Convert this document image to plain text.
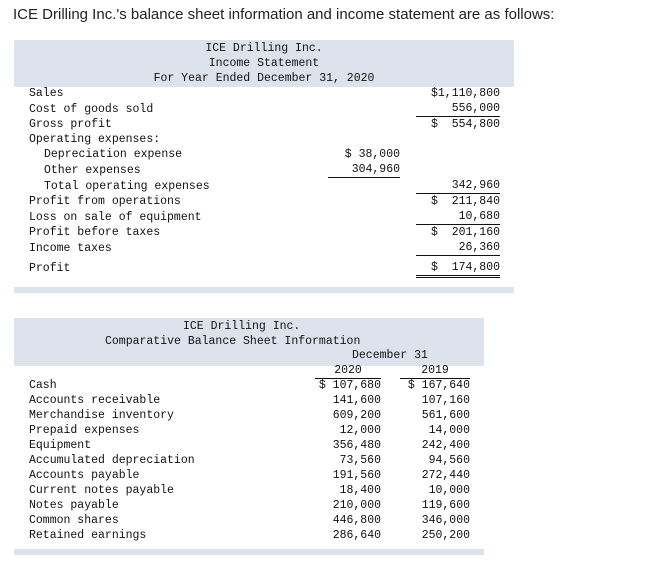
ICE Drilling Inc.'s balance sheet information and income statement are as follows:
ICE Drilling Inc.
Income Statement
For Year Ended December 31, 2020
Sales	$1,110,800
Cost of goods sold	556,000
Gross profit	$  554,800
Operating expenses:
Depreciation expense	$ 38,000
Other expenses	304,960
Total operating expenses	342,960
Profit from operations	$  211,840
Loss on sale of equipment	10,680
Profit before taxes	$  201,160
Income taxes	26,360
Profit	$  174,800
ICE Drilling Inc.
Comparative Balance Sheet Information
December 31
2020	2019
Cash	$ 107,680	$ 167,640
Accounts receivable	141,600	107,160
Merchandise inventory	609,200	561,600
Prepaid expenses	12,000	14,000
Equipment	356,480	242,400
Accumulated depreciation	73,560	94,560
Accounts payable	191,560	272,440
Current notes payable	18,400	10,000
Notes payable	210,000	119,600
Common shares	446,800	346,000
Retained earnings	286,640	250,200
